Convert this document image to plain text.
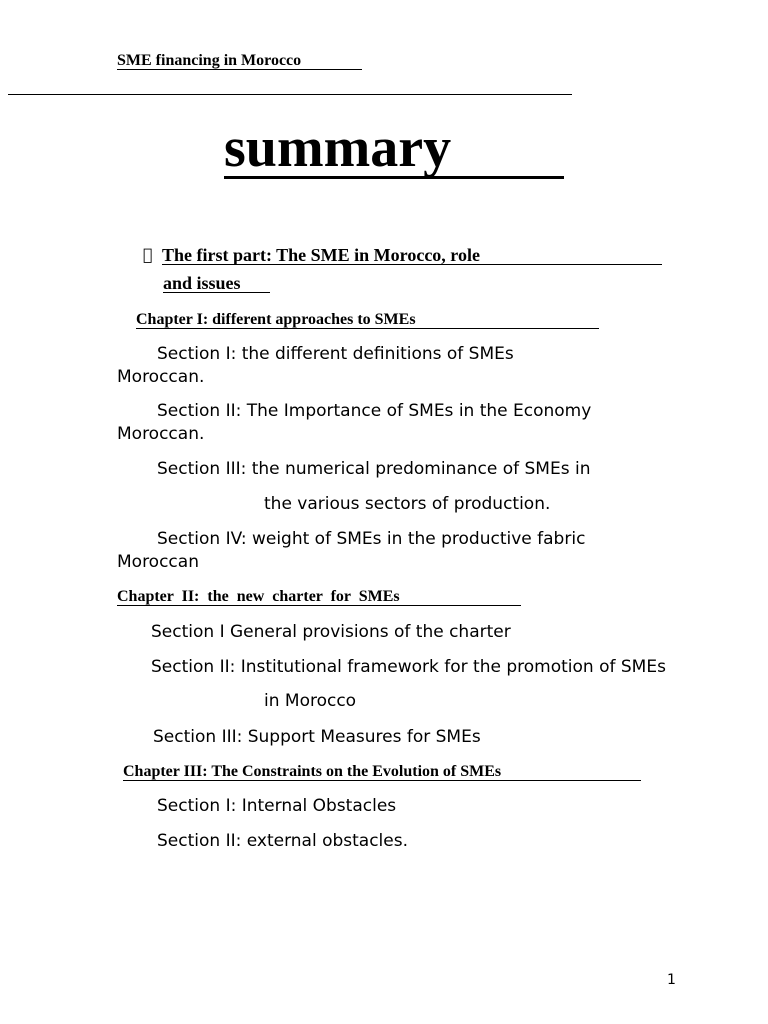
SME financing in Morocco
summary
The first part: The SME in Morocco, role
and issues
Chapter I: different approaches to SMEs
Section I: the different definitions of SMEs
Moroccan.
Section II: The Importance of SMEs in the Economy
Moroccan.
Section III: the numerical predominance of SMEs in
the various sectors of production.
Section IV: weight of SMEs in the productive fabric
Moroccan
Chapter  II:  the  new  charter  for  SMEs
Section I General provisions of the charter
Section II: Institutional framework for the promotion of SMEs
in Morocco
Section III: Support Measures for SMEs
Chapter III: The Constraints on the Evolution of SMEs
Section I: Internal Obstacles
Section II: external obstacles.
1
